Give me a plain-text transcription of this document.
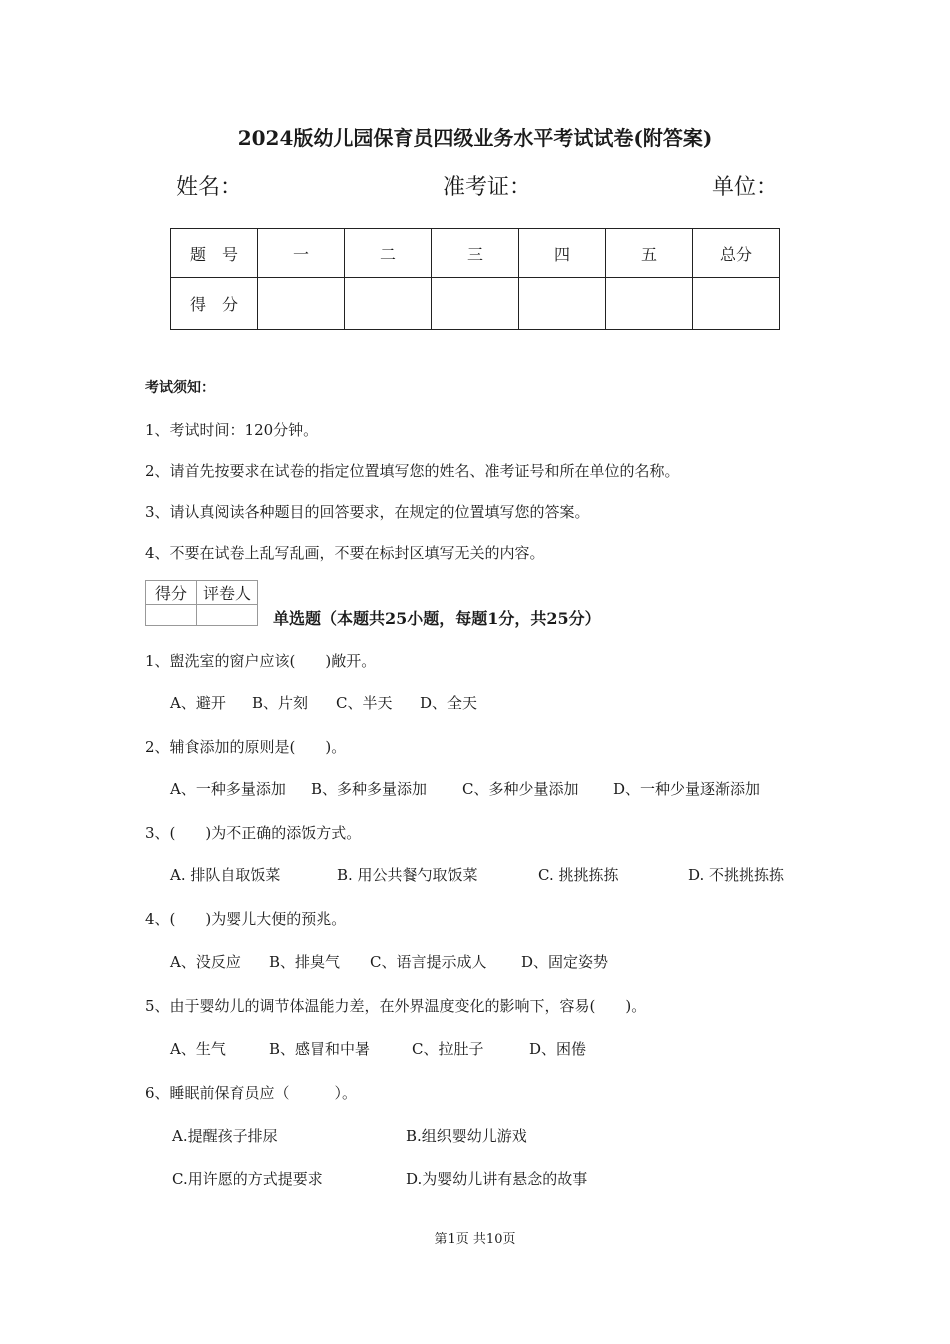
2024版幼儿园保育员四级业务水平考试试卷(附答案)
姓名：	准考证：	单位：
题　号	一	二	三	四	五	总分
得　分						
考试须知：
1、考试时间：120分钟。
2、请首先按要求在试卷的指定位置填写您的姓名、准考证号和所在单位的名称。
3、请认真阅读各种题目的回答要求，在规定的位置填写您的答案。
4、不要在试卷上乱写乱画，不要在标封区填写无关的内容。
得分	评卷人

单选题（本题共25小题，每题1分，共25分）
1、盥洗室的窗户应该(　　)敞开。
A、避开 B、片刻 C、半天 D、全天
2、辅食添加的原则是(　　)。
A、一种多量添加 B、多种多量添加 C、多种少量添加 D、一种少量逐渐添加
3、(　　)为不正确的添饭方式。
A. 排队自取饭菜	B. 用公共餐勺取饭菜	C. 挑挑拣拣	D. 不挑挑拣拣
4、(　　)为婴儿大便的预兆。
A、没反应 B、排臭气 C、语言提示成人 D、固定姿势
5、由于婴幼儿的调节体温能力差，在外界温度变化的影响下，容易(　　)。
A、生气	B、感冒和中暑	C、拉肚子	D、困倦
6、睡眠前保育员应（　　　）。
A.提醒孩子排尿	B.组织婴幼儿游戏
C.用许愿的方式提要求	D.为婴幼儿讲有悬念的故事
第1页 共10页
